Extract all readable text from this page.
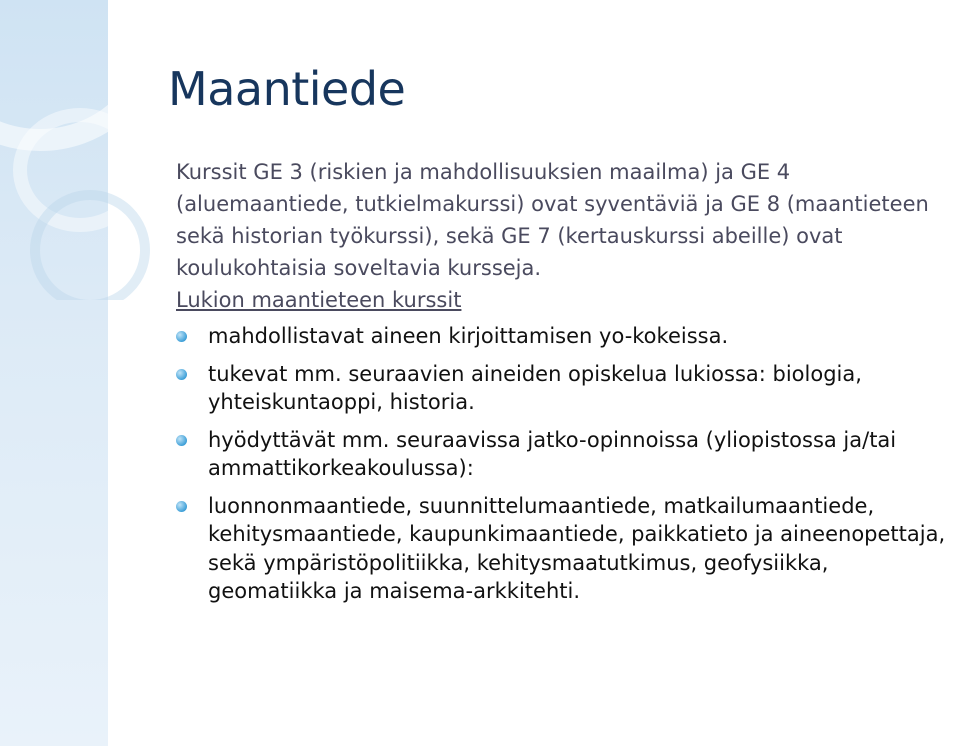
Maantiede

Kurssit GE 3 (riskien ja mahdollisuuksien maailma) ja GE 4 (aluemaantiede, tutkielmakurssi) ovat syventäviä ja GE 8 (maantieteen sekä historian työkurssi), sekä GE 7 (kertauskurssi abeille) ovat koulukohtaisia soveltavia kursseja.

Lukion maantieteen kurssit
mahdollistavat aineen kirjoittamisen yo-kokeissa.
tukevat mm. seuraavien aineiden opiskelua lukiossa: biologia, yhteiskuntaoppi, historia.
hyödyttävät mm. seuraavissa jatko-opinnoissa (yliopistossa ja/tai ammattikorkeakoulussa):
luonnonmaantiede, suunnittelumaantiede, matkailumaantiede, kehitysmaantiede, kaupunkimaantiede, paikkatieto ja aineenopettaja, sekä ympäristöpolitiikka, kehitysmaatutkimus, geofysiikka, geomatiikka ja maisema-arkkitehti.
